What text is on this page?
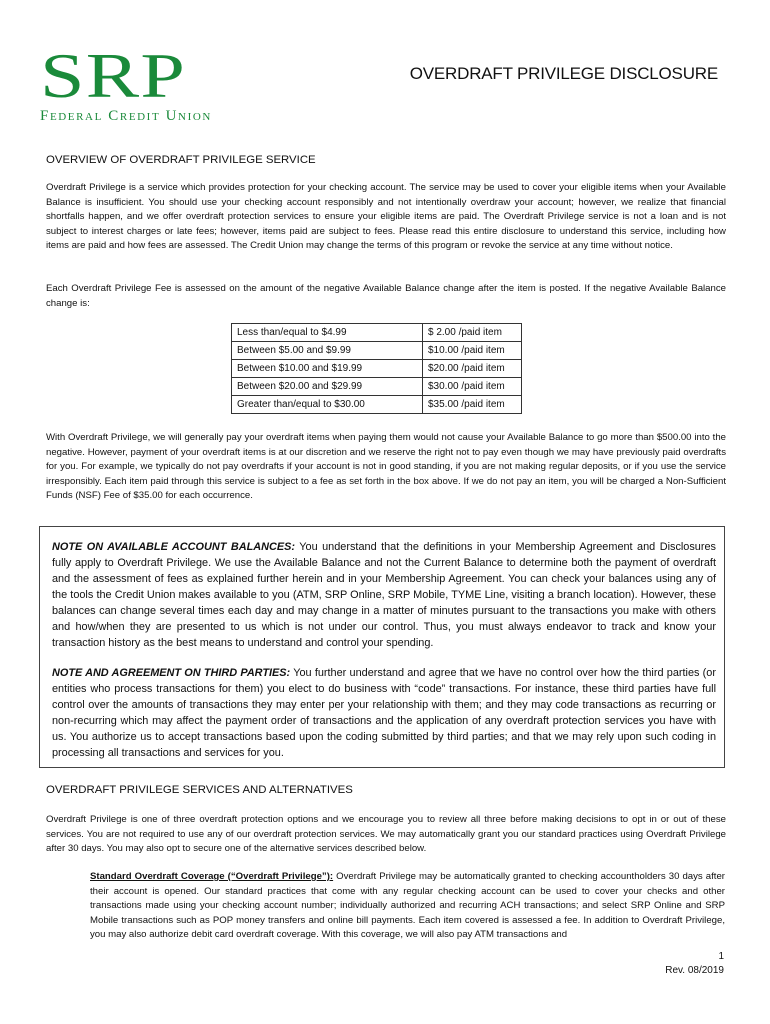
SRP
Federal Credit Union
OVERDRAFT PRIVILEGE DISCLOSURE
OVERVIEW OF OVERDRAFT PRIVILEGE SERVICE
Overdraft Privilege is a service which provides protection for your checking account. The service may be used to cover your eligible items when your Available Balance is insufficient. You should use your checking account responsibly and not intentionally overdraw your account; however, we realize that financial shortfalls happen, and we offer overdraft protection services to ensure your eligible items are paid. The Overdraft Privilege service is not a loan and is not subject to interest charges or late fees; however, items paid are subject to fees. Please read this entire disclosure to understand this service, including how items are paid and how fees are assessed. The Credit Union may change the terms of this program or revoke the service at any time without notice.
Each Overdraft Privilege Fee is assessed on the amount of the negative Available Balance change after the item is posted. If the negative Available Balance change is:
Less than/equal to $4.99	$ 2.00 /paid item
Between $5.00 and $9.99	$10.00 /paid item
Between $10.00 and $19.99	$20.00 /paid item
Between $20.00 and $29.99	$30.00 /paid item
Greater than/equal to $30.00	$35.00 /paid item
With Overdraft Privilege, we will generally pay your overdraft items when paying them would not cause your Available Balance to go more than $500.00 into the negative. However, payment of your overdraft items is at our discretion and we reserve the right not to pay even though we may have previously paid overdrafts for you. For example, we typically do not pay overdrafts if your account is not in good standing, if you are not making regular deposits, or if you use the service irresponsibly. Each item paid through this service is subject to a fee as set forth in the box above. If we do not pay an item, you will be charged a Non-Sufficient Funds (NSF) Fee of $35.00 for each occurrence.
NOTE ON AVAILABLE ACCOUNT BALANCES: You understand that the definitions in your Membership Agreement and Disclosures fully apply to Overdraft Privilege. We use the Available Balance and not the Current Balance to determine both the payment of overdraft and the assessment of fees as explained further herein and in your Membership Agreement. You can check your balances using any of the tools the Credit Union makes available to you (ATM, SRP Online, SRP Mobile, TYME Line, visiting a branch location). However, these balances can change several times each day and may change in a matter of minutes pursuant to the transactions you make with others and how/when they are presented to us which is not under our control. Thus, you must always endeavor to track and know your transaction history as the best means to understand and control your spending.
NOTE AND AGREEMENT ON THIRD PARTIES: You further understand and agree that we have no control over how the third parties (or entities who process transactions for them) you elect to do business with “code” transactions. For instance, these third parties have full control over the amounts of transactions they may enter per your relationship with them; and they may code transactions as recurring or non-recurring which may affect the payment order of transactions and the application of any overdraft protection services you have with us. You authorize us to accept transactions based upon the coding submitted by third parties; and that we may rely upon such coding in processing all transactions and services for you.
OVERDRAFT PRIVILEGE SERVICES AND ALTERNATIVES
Overdraft Privilege is one of three overdraft protection options and we encourage you to review all three before making decisions to opt in or out of these services. You are not required to use any of our overdraft protection services. We may automatically grant you our standard practices using Overdraft Privilege after 30 days. You may also opt to secure one of the alternative services described below.
Standard Overdraft Coverage (“Overdraft Privilege”): Overdraft Privilege may be automatically granted to checking accountholders 30 days after their account is opened. Our standard practices that come with any regular checking account can be used to cover your checks and other transactions made using your checking account number; individually authorized and recurring ACH transactions; and select SRP Online and SRP Mobile transactions such as POP money transfers and online bill payments. Each item covered is assessed a fee. In addition to Overdraft Privilege, you may also authorize debit card overdraft coverage. With this coverage, we will also pay ATM transactions and
1
Rev. 08/2019
